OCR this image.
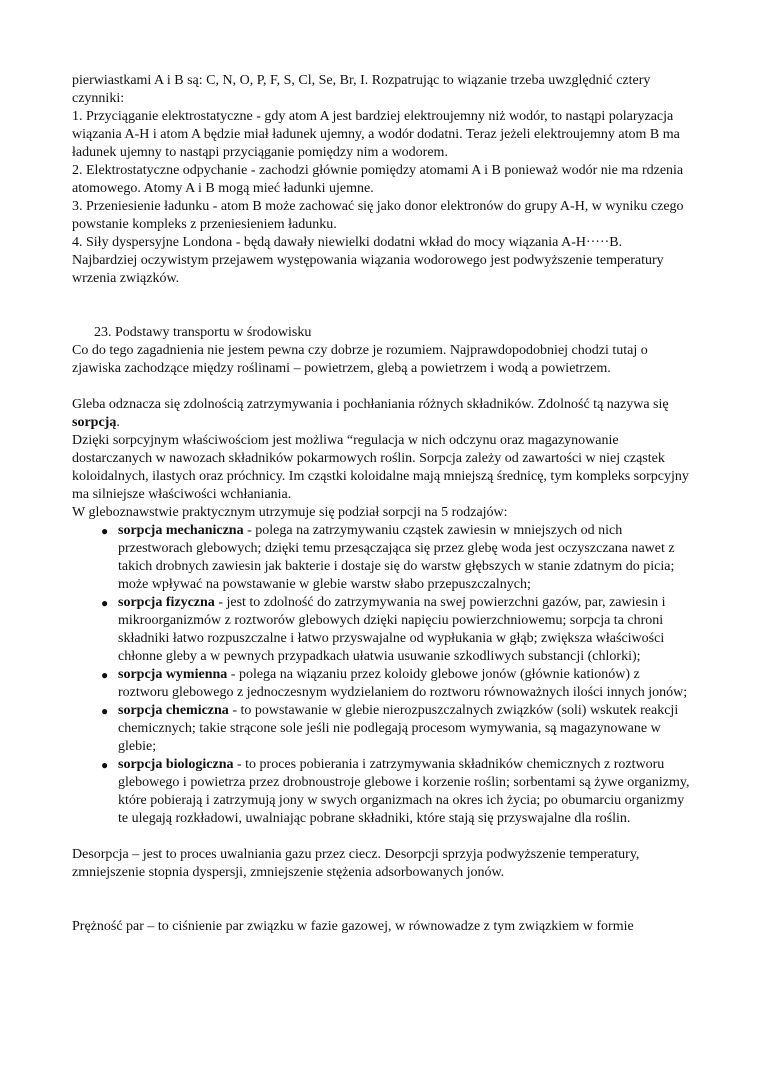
pierwiastkami A i B są: C, N, O, P, F, S, Cl, Se, Br, I. Rozpatrując to wiązanie trzeba uwzględnić cztery czynniki:

1. Przyciąganie elektrostatyczne - gdy atom A jest bardziej elektroujemny niż wodór, to nastąpi polaryzacja wiązania A-H i atom A będzie miał ładunek ujemny, a wodór dodatni. Teraz jeżeli elektroujemny atom B ma ładunek ujemny to nastąpi przyciąganie pomiędzy nim a wodorem.

2. Elektrostatyczne odpychanie - zachodzi głównie pomiędzy atomami A i B ponieważ wodór nie ma rdzenia atomowego. Atomy A i B mogą mieć ładunki ujemne.

3. Przeniesienie ładunku - atom B może zachować się jako donor elektronów do grupy A-H, w wyniku czego powstanie kompleks z przeniesieniem ładunku.

4. Siły dyspersyjne Londona - będą dawały niewielki dodatni wkład do mocy wiązania A-H·····B.

Najbardziej oczywistym przejawem występowania wiązania wodorowego jest podwyższenie temperatury wrzenia związków.

23. Podstawy transportu w środowisku

Co do tego zagadnienia nie jestem pewna czy dobrze je rozumiem. Najprawdopodobniej chodzi tutaj o zjawiska zachodzące między roślinami – powietrzem, glebą a powietrzem i wodą a powietrzem.

Gleba odznacza się zdolnością zatrzymywania i pochłaniania różnych składników. Zdolność tą nazywa się sorpcją.

Dzięki sorpcyjnym właściwościom jest możliwa “regulacja w nich odczynu oraz magazynowanie dostarczanych w nawozach składników pokarmowych roślin. Sorpcja zależy od zawartości w niej cząstek koloidalnych, ilastych oraz próchnicy. Im cząstki koloidalne mają mniejszą średnicę, tym kompleks sorpcyjny ma silniejsze właściwości wchłaniania.

W gleboznawstwie praktycznym utrzymuje się podział sorpcji na 5 rodzajów:

● sorpcja mechaniczna - polega na zatrzymywaniu cząstek zawiesin w mniejszych od nich przestworach glebowych; dzięki temu przesączająca się przez glebę woda jest oczyszczana nawet z takich drobnych zawiesin jak bakterie i dostaje się do warstw głębszych w stanie zdatnym do picia; może wpływać na powstawanie w glebie warstw słabo przepuszczalnych;
● sorpcja fizyczna - jest to zdolność do zatrzymywania na swej powierzchni gazów, par, zawiesin i mikroorganizmów z roztworów glebowych dzięki napięciu powierzchniowemu; sorpcja ta chroni składniki łatwo rozpuszczalne i łatwo przyswajalne od wypłukania w głąb; zwiększa właściwości chłonne gleby a w pewnych przypadkach ułatwia usuwanie szkodliwych substancji (chlorki);
● sorpcja wymienna - polega na wiązaniu przez koloidy glebowe jonów (głównie kationów) z roztworu glebowego z jednoczesnym wydzielaniem do roztworu równoważnych ilości innych jonów;
● sorpcja chemiczna - to powstawanie w glebie nierozpuszczalnych związków (soli) wskutek reakcji chemicznych; takie strącone sole jeśli nie podlegają procesom wymywania, są magazynowane w glebie;
● sorpcja biologiczna - to proces pobierania i zatrzymywania składników chemicznych z roztworu glebowego i powietrza przez drobnoustroje glebowe i korzenie roślin; sorbentami są żywe organizmy, które pobierają i zatrzymują jony w swych organizmach na okres ich życia; po obumarciu organizmy te ulegają rozkładowi, uwalniając pobrane składniki, które stają się przyswajalne dla roślin.

Desorpcja – jest to proces uwalniania gazu przez ciecz. Desorpcji sprzyja podwyższenie temperatury, zmniejszenie stopnia dyspersji, zmniejszenie stężenia adsorbowanych jonów.

Prężność par – to ciśnienie par związku w fazie gazowej, w równowadze z tym związkiem w formie
